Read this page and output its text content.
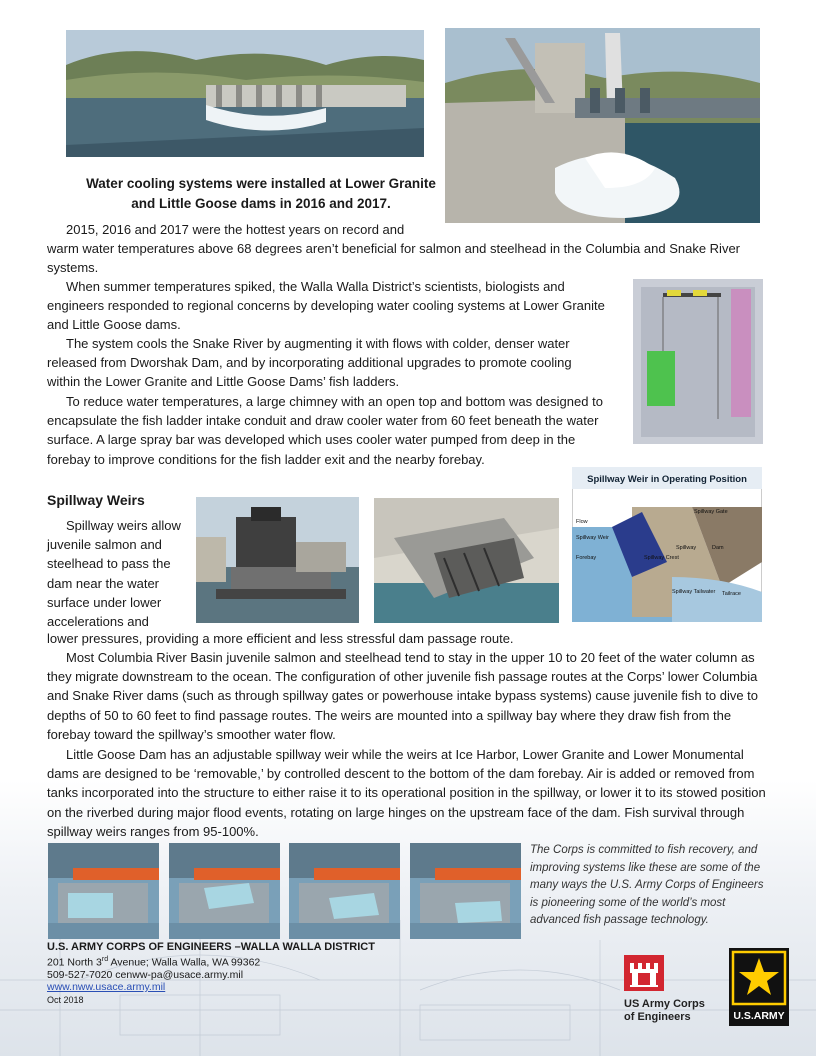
Water cooling systems were installed at Lower Granite and Little Goose dams in 2016 and 2017.

2015, 2016 and 2017 were the hottest years on record and

warm water temperatures above 68 degrees aren’t beneficial for salmon and steelhead in the Columbia and Snake River systems.

When summer temperatures spiked, the Walla Walla District’s scientists, biologists and engineers responded to regional concerns by developing water cooling systems at Lower Granite and Little Goose dams.

The system cools the Snake River by augmenting it with flows with colder, denser water released from Dworshak Dam, and by incorporating additional upgrades to promote cooling within the Lower Granite and Little Goose Dams’ fish ladders.

To reduce water temperatures, a large chimney with an open top and bottom was designed to encapsulate the fish ladder intake conduit and draw cooler water from 60 feet beneath the water surface. A large spray bar was developed which uses cooler water pumped from deep in the forebay to improve conditions for the fish ladder exit and the nearby forebay.

Spillway Weirs

Spillway weirs allow juvenile salmon and steelhead to pass the dam near the water surface under lower accelerations and

Spillway Weir in Operating Position
Flow
Spillway Weir
Forebay	Spillway Crest
Spillway	Dam
Tailrace
Spillway Tailwater
Spillway Gate

lower pressures, providing a more efficient and less stressful dam passage route.

Most Columbia River Basin juvenile salmon and steelhead tend to stay in the upper 10 to 20 feet of the water column as they migrate downstream to the ocean. The configuration of other juvenile fish passage routes at the Corps’ lower Columbia and Snake River dams (such as through spillway gates or powerhouse intake bypass systems) cause juvenile fish to dive to depths of 50 to 60 feet to find passage routes. The weirs are mounted into a spillway bay where they draw fish from the forebay toward the spillway’s smoother water flow.

Little Goose Dam has an adjustable spillway weir while the weirs at Ice Harbor, Lower Granite and Lower Monumental dams are designed to be ‘removable,’ by controlled descent to the bottom of the dam forebay. Air is added or removed from tanks incorporated into the structure to either raise it to its operational position in the spillway, or lower it to its stowed position on the riverbed during major flood events, rotating on large hinges on the upstream face of the dam. Fish survival through spillway weirs ranges from 95-100%.

The Corps is committed to fish recovery, and improving systems like these are some of the many ways the U.S. Army Corps of Engineers is pioneering some of the world’s most advanced fish passage technology.

U.S. ARMY CORPS OF ENGINEERS –WALLA WALLA DISTRICT
201 North 3rd Avenue; Walla Walla, WA 99362
509-527-7020 cenww-pa@usace.army.mil
www.nww.usace.army.mil
Oct 2018	US Army Corps
of Engineers	U.S.ARMY
